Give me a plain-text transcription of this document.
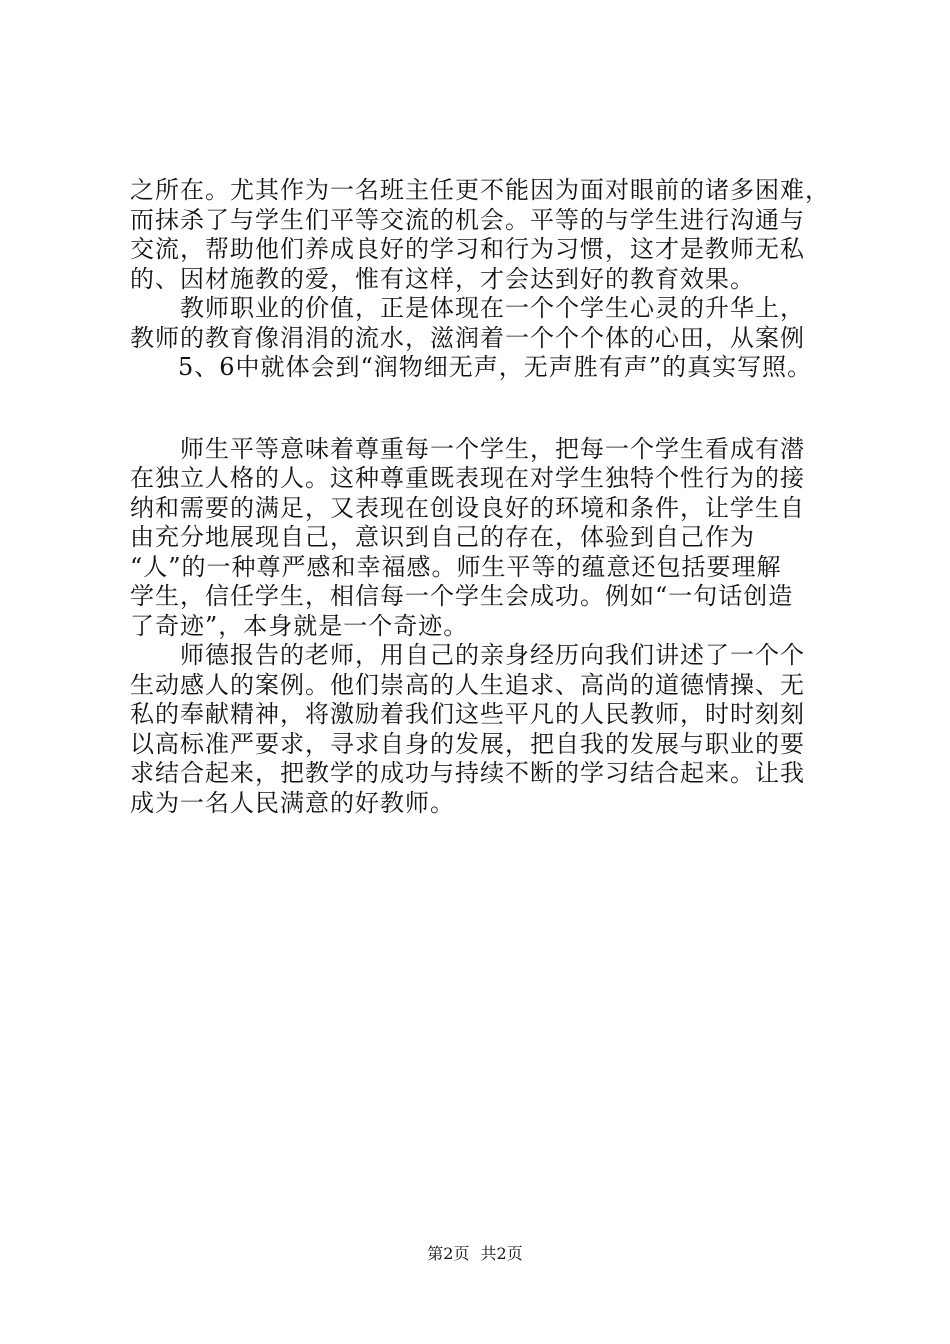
之所在。尤其作为一名班主任更不能因为面对眼前的诸多困难，
而抹杀了与学生们平等交流的机会。平等的与学生进行沟通与
交流，帮助他们养成良好的学习和行为习惯，这才是教师无私
的、因材施教的爱，惟有这样，才会达到好的教育效果。
教师职业的价值，正是体现在一个个学生心灵的升华上，
教师的教育像涓涓的流水，滋润着一个个个体的心田，从案例
5、6中就体会到“润物细无声，无声胜有声”的真实写照。
师生平等意味着尊重每一个学生，把每一个学生看成有潜
在独立人格的人。这种尊重既表现在对学生独特个性行为的接
纳和需要的满足，又表现在创设良好的环境和条件，让学生自
由充分地展现自己，意识到自己的存在，体验到自己作为
“人”的一种尊严感和幸福感。师生平等的蕴意还包括要理解
学生，信任学生，相信每一个学生会成功。例如“一句话创造
了奇迹”，本身就是一个奇迹。
师德报告的老师，用自己的亲身经历向我们讲述了一个个
生动感人的案例。他们崇高的人生追求、高尚的道德情操、无
私的奉献精神，将激励着我们这些平凡的人民教师，时时刻刻
以高标准严要求，寻求自身的发展，把自我的发展与职业的要
求结合起来，把教学的成功与持续不断的学习结合起来。让我
成为一名人民满意的好教师。
第2页 共2页
